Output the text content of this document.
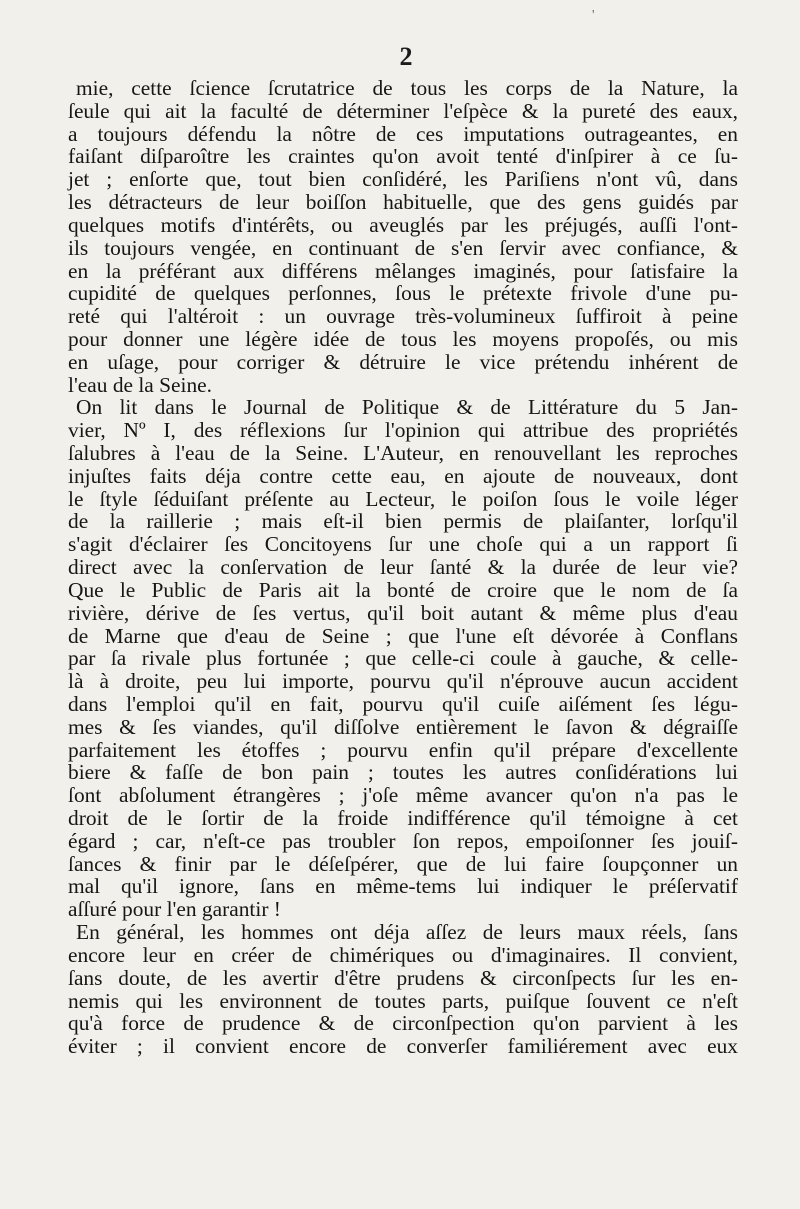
'
2
mie, cette ſcience ſcrutatrice de tous les corps de la Nature, la
ſeule qui ait la faculté de déterminer l'eſpèce & la pureté des eaux,
a toujours défendu la nôtre de ces imputations outrageantes, en
faiſant diſparoître les craintes qu'on avoit tenté d'inſpirer à ce ſu-
jet ; enſorte que, tout bien conſidéré, les Pariſiens n'ont vû, dans
les détracteurs de leur boiſſon habituelle, que des gens guidés par
quelques motifs d'intérêts, ou aveuglés par les préjugés, auſſi l'ont-
ils toujours vengée, en continuant de s'en ſervir avec confiance, &
en la préférant aux différens mêlanges imaginés, pour ſatisfaire la
cupidité de quelques perſonnes, ſous le prétexte frivole d'une pu-
reté qui l'altéroit : un ouvrage très-volumineux ſuffiroit à peine
pour donner une légère idée de tous les moyens propoſés, ou mis
en uſage, pour corriger & détruire le vice prétendu inhérent de
l'eau de la Seine.
On lit dans le Journal de Politique & de Littérature du 5 Jan-
vier, Nº I, des réflexions ſur l'opinion qui attribue des propriétés
ſalubres à l'eau de la Seine. L'Auteur, en renouvellant les reproches
injuſtes faits déja contre cette eau, en ajoute de nouveaux, dont
le ſtyle ſéduiſant préſente au Lecteur, le poiſon ſous le voile léger
de la raillerie ; mais eſt-il bien permis de plaiſanter, lorſqu'il
s'agit d'éclairer ſes Concitoyens ſur une choſe qui a un rapport ſi
direct avec la conſervation de leur ſanté & la durée de leur vie?
Que le Public de Paris ait la bonté de croire que le nom de ſa
rivière, dérive de ſes vertus, qu'il boit autant & même plus d'eau
de Marne que d'eau de Seine ; que l'une eſt dévorée à Conflans
par ſa rivale plus fortunée ; que celle-ci coule à gauche, & celle-
là à droite, peu lui importe, pourvu qu'il n'éprouve aucun accident
dans l'emploi qu'il en fait, pourvu qu'il cuiſe aiſément ſes légu-
mes & ſes viandes, qu'il diſſolve entièrement le ſavon & dégraiſſe
parfaitement les étoffes ; pourvu enfin qu'il prépare d'excellente
biere & faſſe de bon pain ; toutes les autres conſidérations lui
ſont abſolument étrangères ; j'oſe même avancer qu'on n'a pas le
droit de le ſortir de la froide indifférence qu'il témoigne à cet
égard ; car, n'eſt-ce pas troubler ſon repos, empoiſonner ſes jouiſ-
ſances & finir par le déſeſpérer, que de lui faire ſoupçonner un
mal qu'il ignore, ſans en même-tems lui indiquer le préſervatif
aſſuré pour l'en garantir !
En général, les hommes ont déja aſſez de leurs maux réels, ſans
encore leur en créer de chimériques ou d'imaginaires. Il convient,
ſans doute, de les avertir d'être prudens & circonſpects ſur les en-
nemis qui les environnent de toutes parts, puiſque ſouvent ce n'eſt
qu'à force de prudence & de circonſpection qu'on parvient à les
éviter ; il convient encore de converſer familiérement avec eux
